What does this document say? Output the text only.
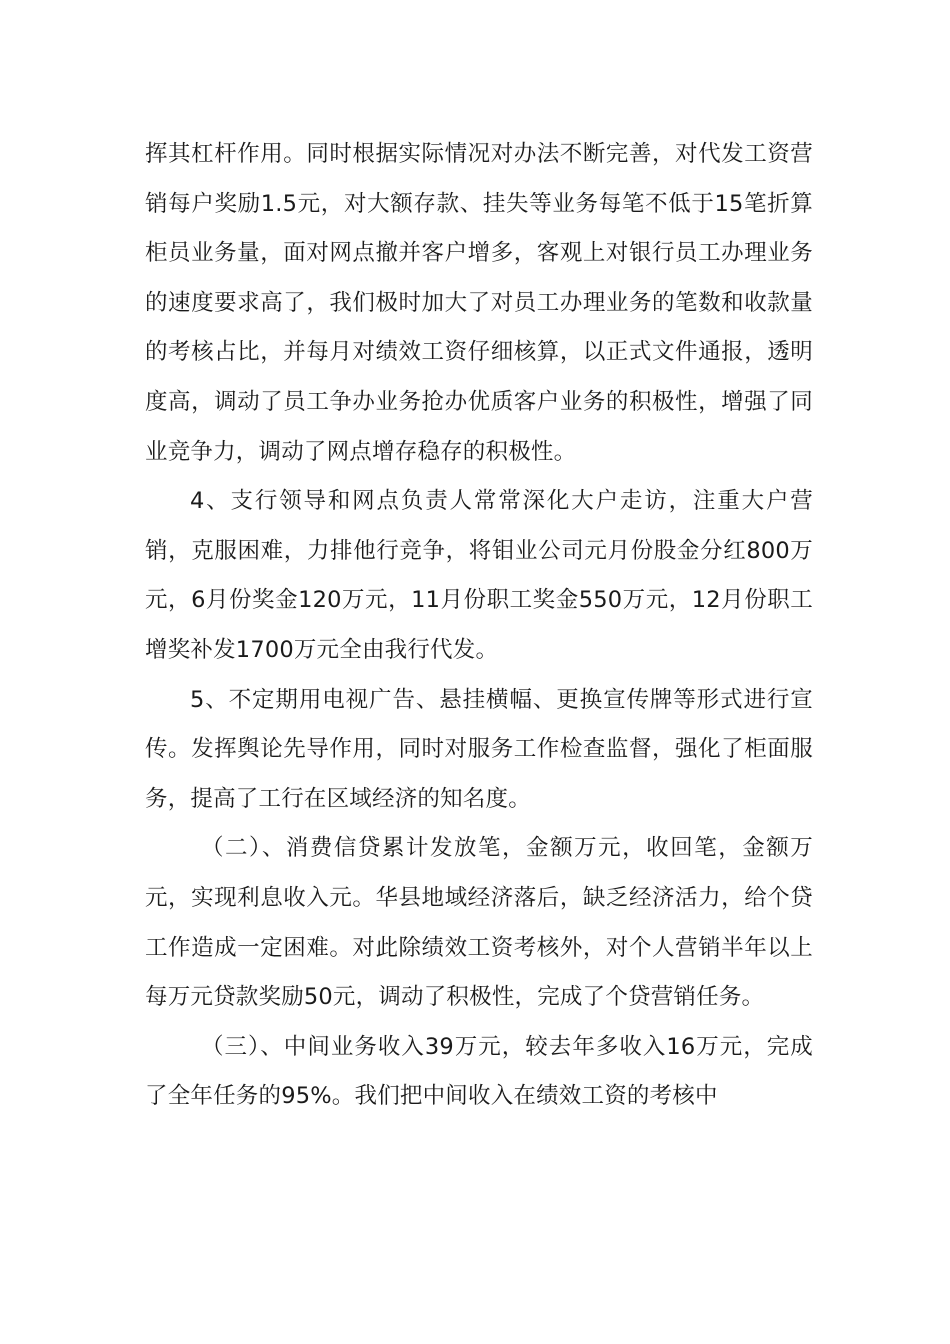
挥其杠杆作用。同时根据实际情况对办法不断完善，对代发工资营销每户奖励1.5元，对大额存款、挂失等业务每笔不低于15笔折算柜员业务量，面对网点撤并客户增多，客观上对银行员工办理业务的速度要求高了，我们极时加大了对员工办理业务的笔数和收款量的考核占比，并每月对绩效工资仔细核算，以正式文件通报，透明度高，调动了员工争办业务抢办优质客户业务的积极性，增强了同业竞争力，调动了网点增存稳存的积极性。

4、支行领导和网点负责人常常深化大户走访，注重大户营销，克服困难，力排他行竞争，将钼业公司元月份股金分红800万元，6月份奖金120万元，11月份职工奖金550万元，12月份职工增奖补发1700万元全由我行代发。

5、不定期用电视广告、悬挂横幅、更换宣传牌等形式进行宣传。发挥舆论先导作用，同时对服务工作检查监督，强化了柜面服务，提高了工行在区域经济的知名度。

（二）、消费信贷累计发放笔，金额万元，收回笔，金额万元，实现利息收入元。华县地域经济落后，缺乏经济活力，给个贷工作造成一定困难。对此除绩效工资考核外，对个人营销半年以上每万元贷款奖励50元，调动了积极性，完成了个贷营销任务。

（三）、中间业务收入39万元，较去年多收入16万元，完成了全年任务的95%。我们把中间收入在绩效工资的考核中
